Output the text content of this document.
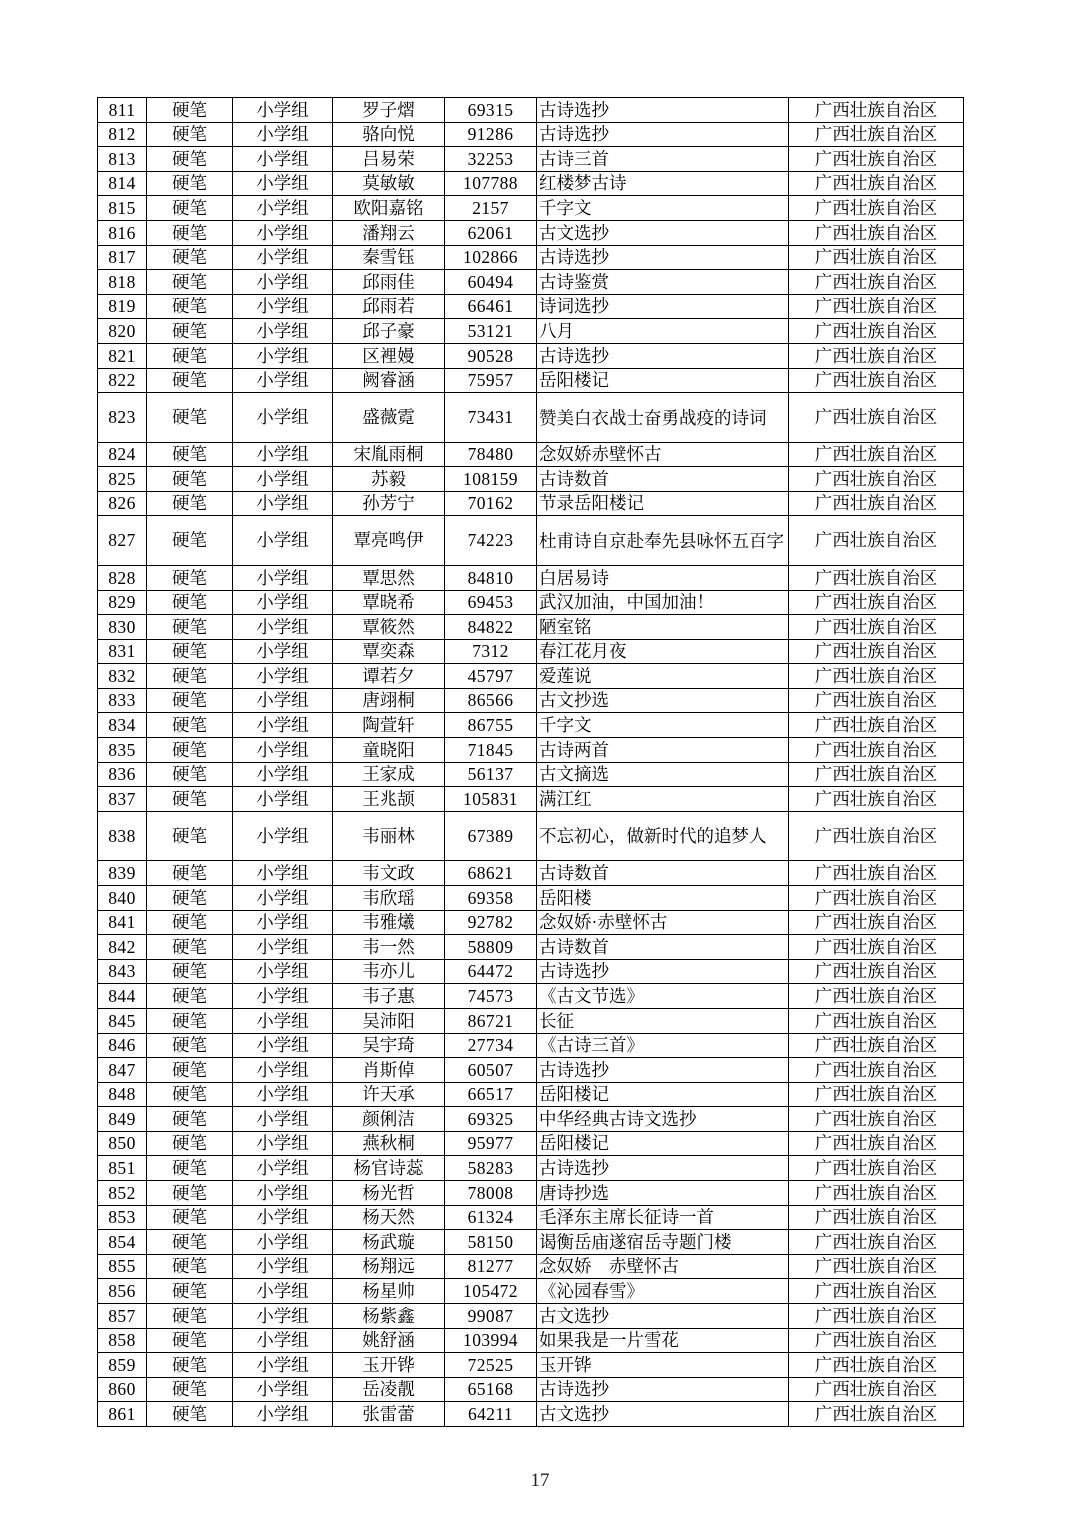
811	硬笔	小学组	罗子熠	69315	古诗选抄	广西壮族自治区
812	硬笔	小学组	骆向悦	91286	古诗选抄	广西壮族自治区
813	硬笔	小学组	吕易荣	32253	古诗三首	广西壮族自治区
814	硬笔	小学组	莫敏敏	107788	红楼梦古诗	广西壮族自治区
815	硬笔	小学组	欧阳嘉铭	2157	千字文	广西壮族自治区
816	硬笔	小学组	潘翔云	62061	古文选抄	广西壮族自治区
817	硬笔	小学组	秦雪钰	102866	古诗选抄	广西壮族自治区
818	硬笔	小学组	邱雨佳	60494	古诗鉴赏	广西壮族自治区
819	硬笔	小学组	邱雨若	66461	诗词选抄	广西壮族自治区
820	硬笔	小学组	邱子豪	53121	八月	广西壮族自治区
821	硬笔	小学组	区裡嫚	90528	古诗选抄	广西壮族自治区
822	硬笔	小学组	阙睿涵	75957	岳阳楼记	广西壮族自治区
823	硬笔	小学组	盛薇霓	73431	赞美白衣战士奋勇战疫的诗词	广西壮族自治区
824	硬笔	小学组	宋胤雨桐	78480	念奴娇赤壁怀古	广西壮族自治区
825	硬笔	小学组	苏毅	108159	古诗数首	广西壮族自治区
826	硬笔	小学组	孙芳宁	70162	节录岳阳楼记	广西壮族自治区
827	硬笔	小学组	覃亮鸣伊	74223	杜甫诗自京赴奉先县咏怀五百字	广西壮族自治区
828	硬笔	小学组	覃思然	84810	白居易诗	广西壮族自治区
829	硬笔	小学组	覃晓希	69453	武汉加油，中国加油！	广西壮族自治区
830	硬笔	小学组	覃筱然	84822	陋室铭	广西壮族自治区
831	硬笔	小学组	覃奕森	7312	春江花月夜	广西壮族自治区
832	硬笔	小学组	谭若夕	45797	爱莲说	广西壮族自治区
833	硬笔	小学组	唐翊桐	86566	古文抄选	广西壮族自治区
834	硬笔	小学组	陶萱轩	86755	千字文	广西壮族自治区
835	硬笔	小学组	童晓阳	71845	古诗两首	广西壮族自治区
836	硬笔	小学组	王家成	56137	古文摘选	广西壮族自治区
837	硬笔	小学组	王兆颉	105831	满江红	广西壮族自治区
838	硬笔	小学组	韦丽林	67389	不忘初心，做新时代的追梦人	广西壮族自治区
839	硬笔	小学组	韦文政	68621	古诗数首	广西壮族自治区
840	硬笔	小学组	韦欣瑶	69358	岳阳楼	广西壮族自治区
841	硬笔	小学组	韦雅爔	92782	念奴娇·赤壁怀古	广西壮族自治区
842	硬笔	小学组	韦一然	58809	古诗数首	广西壮族自治区
843	硬笔	小学组	韦亦儿	64472	古诗选抄	广西壮族自治区
844	硬笔	小学组	韦子惠	74573	《古文节选》	广西壮族自治区
845	硬笔	小学组	吴沛阳	86721	长征	广西壮族自治区
846	硬笔	小学组	吴宇琦	27734	《古诗三首》	广西壮族自治区
847	硬笔	小学组	肖斯倬	60507	古诗选抄	广西壮族自治区
848	硬笔	小学组	许天承	66517	岳阳楼记	广西壮族自治区
849	硬笔	小学组	颜俐洁	69325	中华经典古诗文选抄	广西壮族自治区
850	硬笔	小学组	燕秋桐	95977	岳阳楼记	广西壮族自治区
851	硬笔	小学组	杨官诗蕊	58283	古诗选抄	广西壮族自治区
852	硬笔	小学组	杨光哲	78008	唐诗抄选	广西壮族自治区
853	硬笔	小学组	杨天然	61324	毛泽东主席长征诗一首	广西壮族自治区
854	硬笔	小学组	杨武璇	58150	谒衡岳庙遂宿岳寺题门楼	广西壮族自治区
855	硬笔	小学组	杨翔远	81277	念奴娇　赤壁怀古	广西壮族自治区
856	硬笔	小学组	杨星帅	105472	《沁园春雪》	广西壮族自治区
857	硬笔	小学组	杨紫鑫	99087	古文选抄	广西壮族自治区
858	硬笔	小学组	姚舒涵	103994	如果我是一片雪花	广西壮族自治区
859	硬笔	小学组	玉开铧	72525	玉开铧	广西壮族自治区
860	硬笔	小学组	岳凌靓	65168	古诗选抄	广西壮族自治区
861	硬笔	小学组	张雷蕾	64211	古文选抄	广西壮族自治区
17
